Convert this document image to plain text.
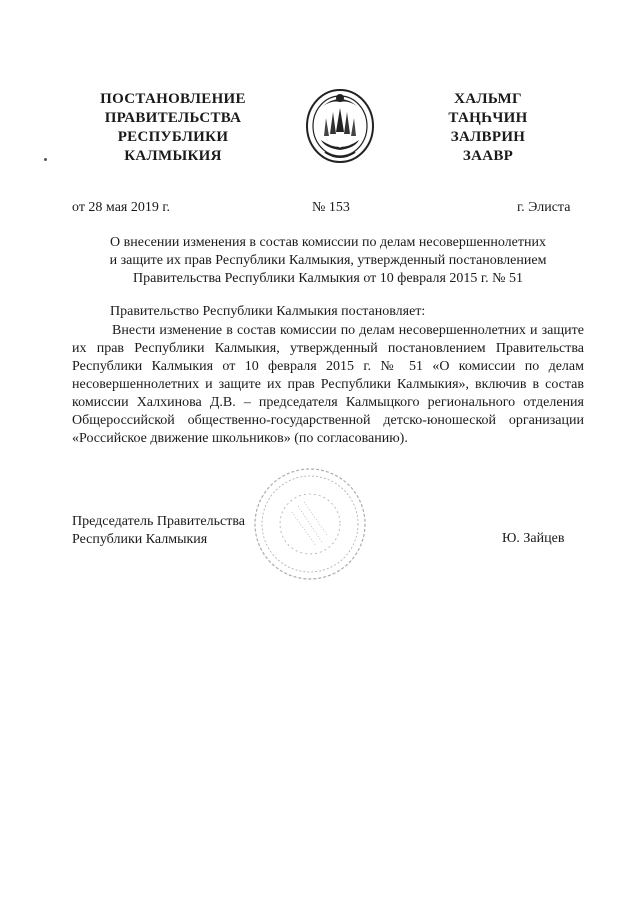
ПОСТАНОВЛЕНИЕ
ПРАВИТЕЛЬСТВА
РЕСПУБЛИКИ
КАЛМЫКИЯ
ХАЛЬМГ
ТАҢҺЧИН
ЗАЛВРИН
ЗААВР
от 28 мая 2019 г.	№ 153	г. Элиста
О внесении изменения в состав комиссии по делам несовершеннолетних
и защите их прав Республики Калмыкия, утвержденный постановлением
Правительства Республики Калмыкия от 10 февраля 2015 г. № 51
Правительство Республики Калмыкия постановляет:
Внести изменение в состав комиссии по делам несовершеннолетних и защите их прав Республики Калмыкия, утвержденный постановлением Правительства Республики Калмыкия от 10 февраля 2015 г. № 51 «О комиссии по делам несовершеннолетних и защите их прав Республики Калмыкия», включив в состав комиссии Халхинова Д.В. – председателя Калмыцкого регионального отделения Общероссийской общественно-государственной детско-юношеской организации «Российское движение школьников» (по согласованию).
Председатель Правительства
Республики Калмыкия	Ю. Зайцев
